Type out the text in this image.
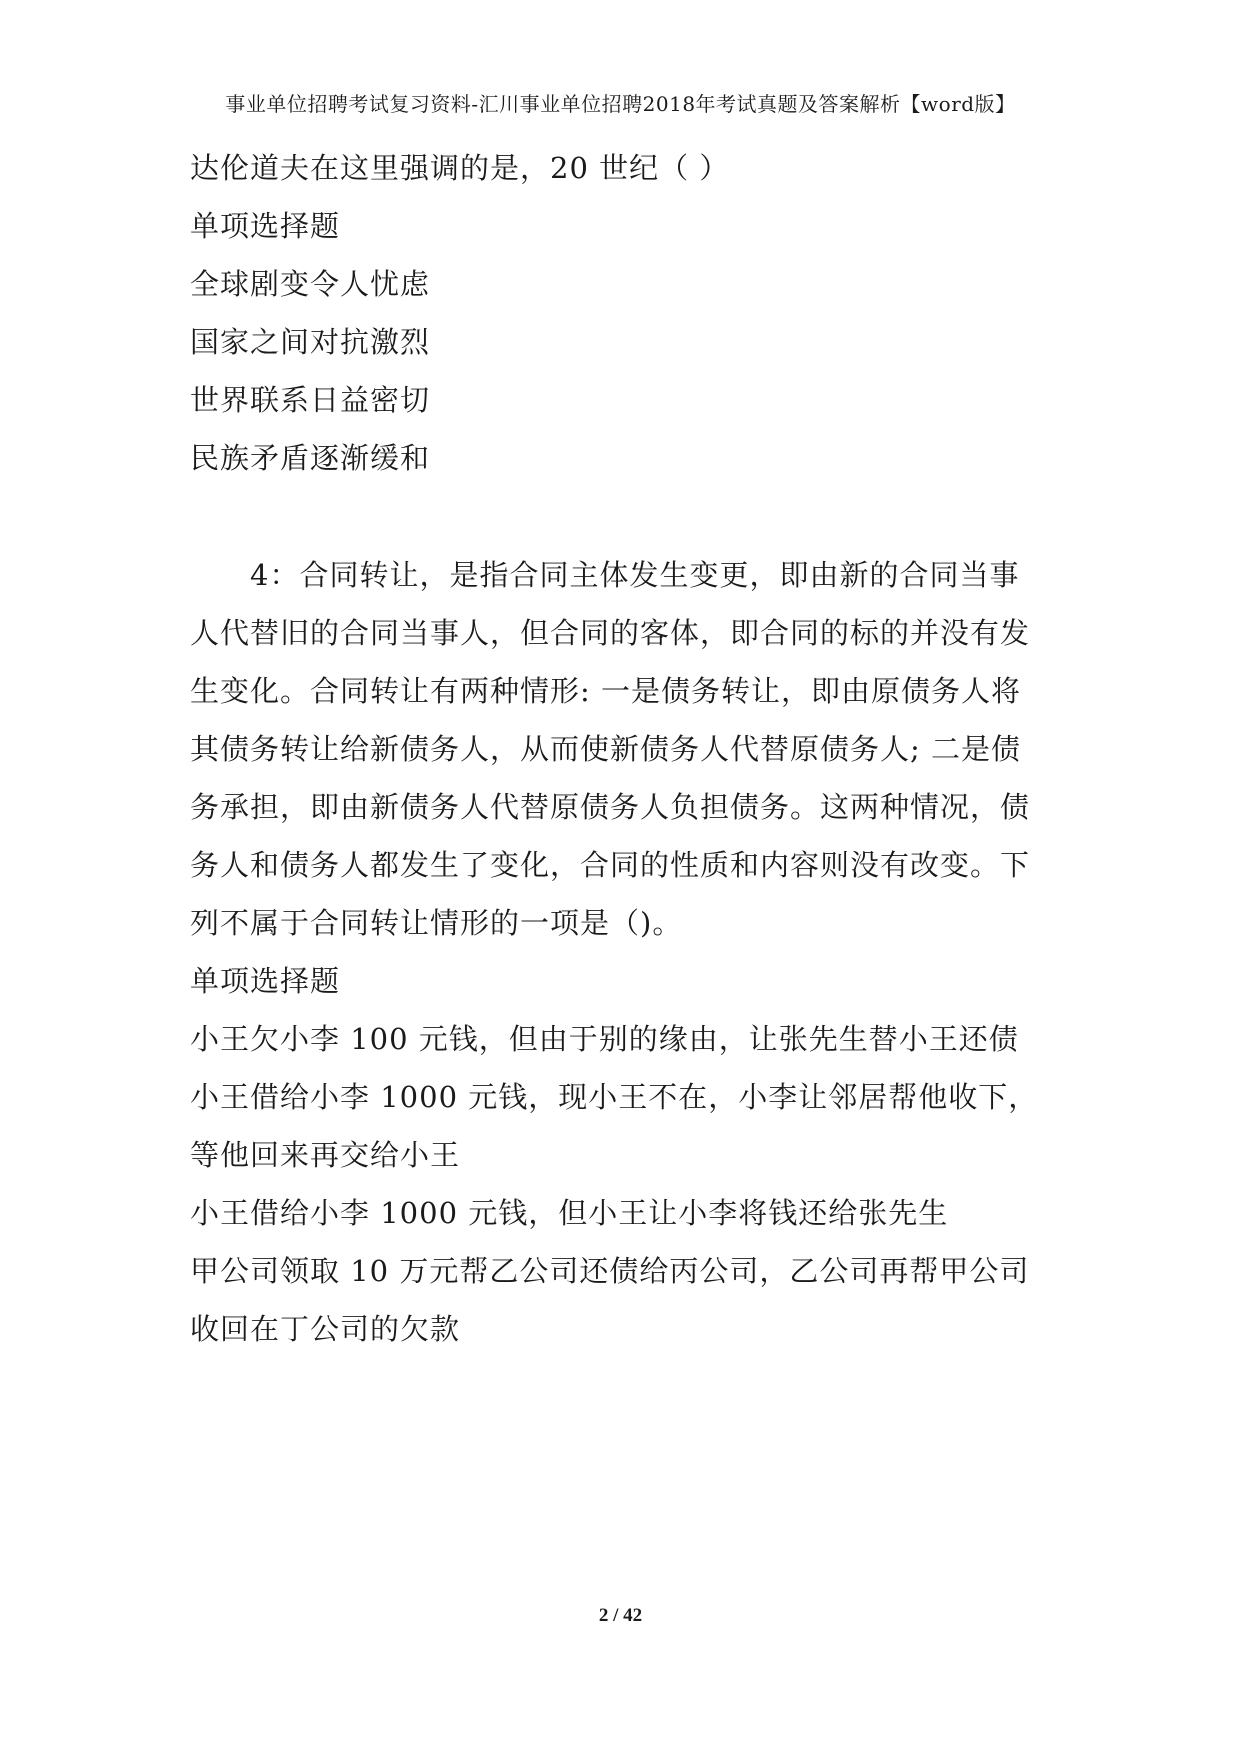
事业单位招聘考试复习资料-汇川事业单位招聘2018年考试真题及答案解析【word版】
达伦道夫在这里强调的是，20 世纪（ ）
单项选择题
全球剧变令人忧虑
国家之间对抗激烈
世界联系日益密切
民族矛盾逐渐缓和
4：合同转让，是指合同主体发生变更，即由新的合同当事
人代替旧的合同当事人，但合同的客体，即合同的标的并没有发
生变化。合同转让有两种情形: 一是债务转让，即由原债务人将
其债务转让给新债务人，从而使新债务人代替原债务人; 二是债
务承担，即由新债务人代替原债务人负担债务。这两种情况，债
务人和债务人都发生了变化，合同的性质和内容则没有改变。下
列不属于合同转让情形的一项是（)。
单项选择题
小王欠小李 100 元钱，但由于别的缘由，让张先生替小王还债
小王借给小李 1000 元钱，现小王不在，小李让邻居帮他收下，
等他回来再交给小王
小王借给小李 1000 元钱，但小王让小李将钱还给张先生
甲公司领取 10 万元帮乙公司还债给丙公司，乙公司再帮甲公司
收回在丁公司的欠款
2 / 42
